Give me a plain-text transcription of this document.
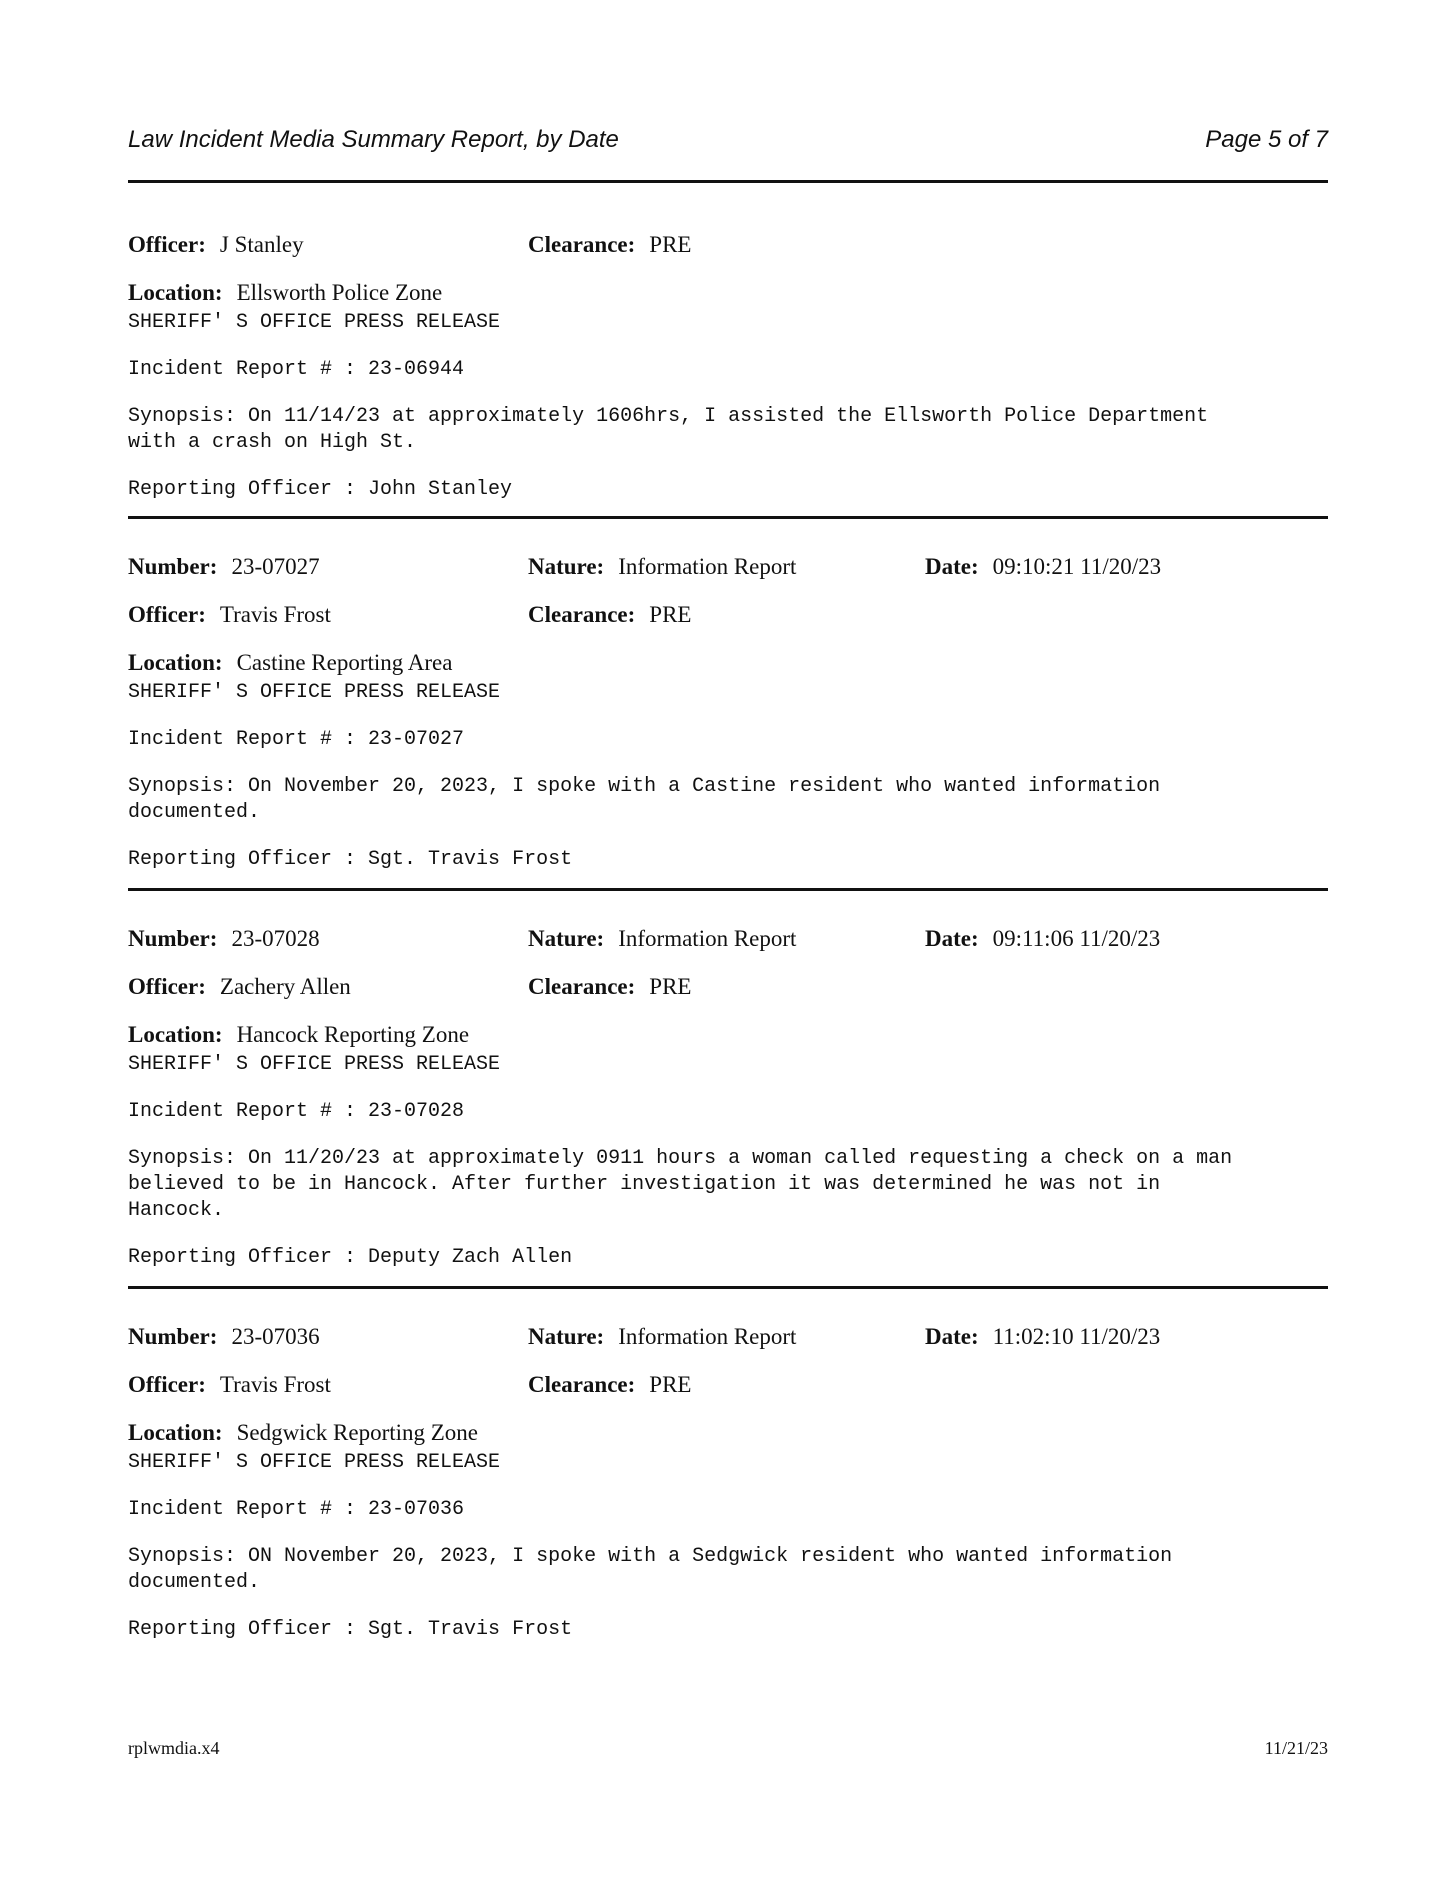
Law Incident Media Summary Report, by Date	Page 5 of 7
Officer: J Stanley	Clearance: PRE
Location: Ellsworth Police Zone

SHERIFF' S OFFICE PRESS RELEASE

Incident Report # : 23-06944

Synopsis: On 11/14/23 at approximately 1606hrs, I assisted the Ellsworth Police Department
with a crash on High St.

Reporting Officer : John Stanley

Number: 23-07027	Nature: Information Report	Date: 09:10:21 11/20/23
Officer: Travis Frost	Clearance: PRE
Location: Castine Reporting Area

SHERIFF' S OFFICE PRESS RELEASE

Incident Report # : 23-07027

Synopsis: On November 20, 2023, I spoke with a Castine resident who wanted information
documented.

Reporting Officer : Sgt. Travis Frost

Number: 23-07028	Nature: Information Report	Date: 09:11:06 11/20/23
Officer: Zachery Allen	Clearance: PRE
Location: Hancock Reporting Zone

SHERIFF' S OFFICE PRESS RELEASE

Incident Report # : 23-07028

Synopsis: On 11/20/23 at approximately 0911 hours a woman called requesting a check on a man
believed to be in Hancock. After further investigation it was determined he was not in
Hancock.

Reporting Officer : Deputy Zach Allen

Number: 23-07036	Nature: Information Report	Date: 11:02:10 11/20/23
Officer: Travis Frost	Clearance: PRE
Location: Sedgwick Reporting Zone

SHERIFF' S OFFICE PRESS RELEASE

Incident Report # : 23-07036

Synopsis: ON November 20, 2023, I spoke with a Sedgwick resident who wanted information
documented.

Reporting Officer : Sgt. Travis Frost

rplwmdia.x4	11/21/23
